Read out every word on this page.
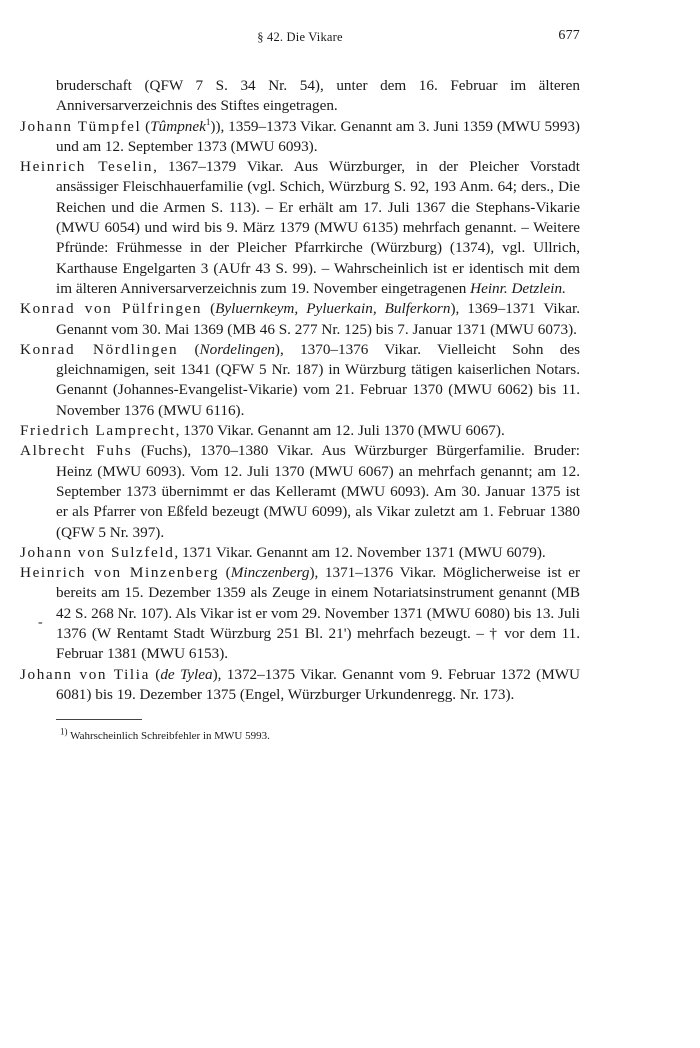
§ 42. Die Vikare	677

bruderschaft (QFW 7 S. 34 Nr. 54), unter dem 16. Februar im älteren Anniversarverzeichnis des Stiftes eingetragen.

Johann Tümpfel (Tûmpnek$^1$)), 1359–1373 Vikar. Genannt am 3. Juni 1359 (MWU 5993) und am 12. September 1373 (MWU 6093).

Heinrich Teselin, 1367–1379 Vikar. Aus Würzburger, in der Pleicher Vorstadt ansässiger Fleischhauerfamilie (vgl. Schich, Würzburg S. 92, 193 Anm. 64; ders., Die Reichen und die Armen S. 113). – Er erhält am 17. Juli 1367 die Stephans-Vikarie (MWU 6054) und wird bis 9. März 1379 (MWU 6135) mehrfach genannt. – Weitere Pfründe: Frühmesse in der Pleicher Pfarrkirche (Würzburg) (1374), vgl. Ullrich, Karthause Engelgarten 3 (AUfr 43 S. 99). – Wahrscheinlich ist er identisch mit dem im älteren Anniversarverzeichnis zum 19. November eingetragenen Heinr. Detzlein.

Konrad von Pülfringen (Byluernkeym, Pyluerkain, Bulferkorn), 1369–1371 Vikar. Genannt vom 30. Mai 1369 (MB 46 S. 277 Nr. 125) bis 7. Januar 1371 (MWU 6073).

Konrad Nördlingen (Nordelingen), 1370–1376 Vikar. Vielleicht Sohn des gleichnamigen, seit 1341 (QFW 5 Nr. 187) in Würzburg tätigen kaiserlichen Notars. Genannt (Johannes-Evangelist-Vikarie) vom 21. Februar 1370 (MWU 6062) bis 11. November 1376 (MWU 6116).

Friedrich Lamprecht, 1370 Vikar. Genannt am 12. Juli 1370 (MWU 6067).

Albrecht Fuhs (Fuchs), 1370–1380 Vikar. Aus Würzburger Bürgerfamilie. Bruder: Heinz (MWU 6093). Vom 12. Juli 1370 (MWU 6067) an mehrfach genannt; am 12. September 1373 übernimmt er das Kelleramt (MWU 6093). Am 30. Januar 1375 ist er als Pfarrer von Eßfeld bezeugt (MWU 6099), als Vikar zuletzt am 1. Februar 1380 (QFW 5 Nr. 397).

Johann von Sulzfeld, 1371 Vikar. Genannt am 12. November 1371 (MWU 6079).

Heinrich von Minzenberg (Minczenberg), 1371–1376 Vikar. Möglicherweise ist er bereits am 15. Dezember 1359 als Zeuge in einem Notariatsinstrument genannt (MB 42 S. 268 Nr. 107). Als Vikar ist er vom 29. November 1371 (MWU 6080) bis 13. Juli 1376 (W Rentamt Stadt Würzburg 251 Bl. 21') mehrfach bezeugt. – † vor dem 11. Februar 1381 (MWU 6153).

Johann von Tilia (de Tylea), 1372–1375 Vikar. Genannt vom 9. Februar 1372 (MWU 6081) bis 19. Dezember 1375 (Engel, Würzburger Urkundenregg. Nr. 173).

$^{1)}$ Wahrscheinlich Schreibfehler in MWU 5993.
-
